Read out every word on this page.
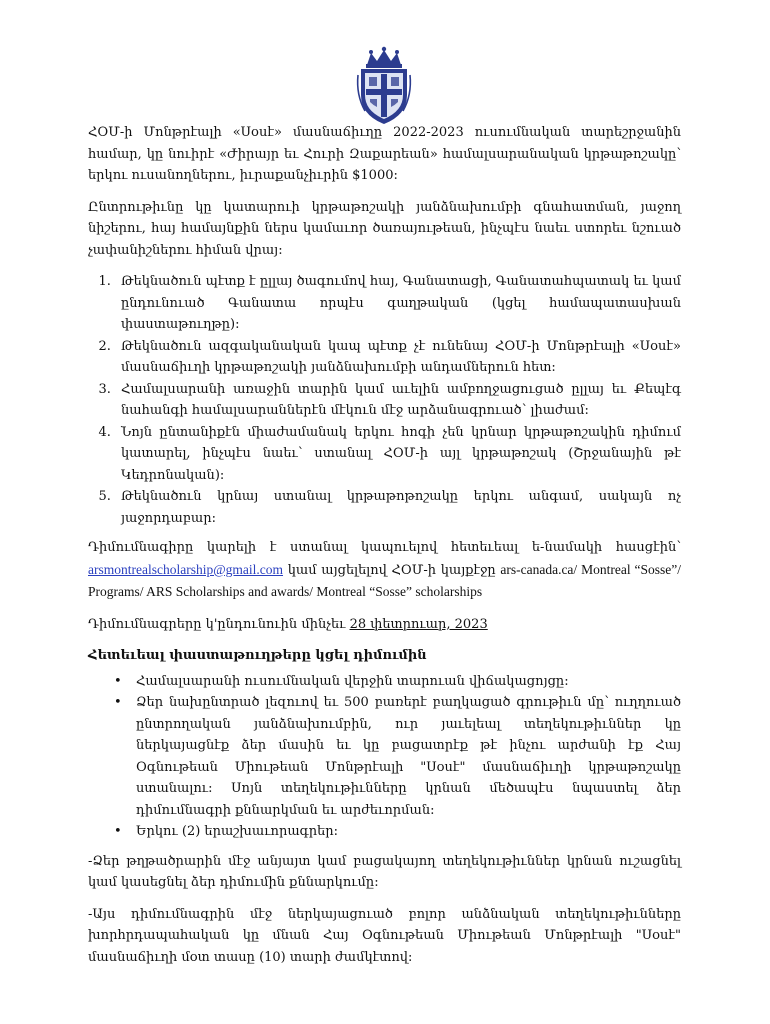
ՀՕՄ-ի Մոնթրէալի «Սօսէ» մասնաճիւղը 2022-2023 ուսումնական տարեշրջանին համար, կը նուիրէ «Ժիրայր եւ Հուրի Զաքարեան» համալսարանական կրթաթոշակը՝ երկու ուսանողներու, իւրաքանչիւրին $1000:

Ընտրութիւնը կը կատարուի կրթաթոշակի յանձնախումբի գնահատման, յաջող նիշերու, հայ համայնքին ներս կամաւոր ծառայութեան, ինչպէս նաեւ ստորեւ նշուած չափանիշներու հիման վրայ:

1. Թեկնածուն պէտք է ըլլայ ծագումով հայ, Գանատացի, Գանատահպատակ եւ կամ ընդունուած Գանատա որպէս գաղթական (կցել համապատասխան փաստաթուղթը):
2. Թեկնածուն ազգականական կապ պէտք չէ ունենայ ՀՕՄ-ի Մոնթրէալի «Սօսէ» մասնաճիւղի կրթաթոշակի յանձնախումբի անդամներուն հետ:
3. Համալսարանի առաջին տարին կամ աւելին ամբողջացուցած ըլլայ եւ Քեպէգ նահանգի համալսարաններէն մէկուն մէջ արձանագրուած՝ լիաժամ:
4. Նոյն ընտանիքէն միաժամանակ երկու հոգի չեն կրնար կրթաթոշակին դիմում կատարել, ինչպէս նաեւ՝ ստանալ ՀՕՄ-ի այլ կրթաթոշակ (Շրջանային թէ Կեդրոնական):
5. Թեկնածուն կրնայ ստանալ կրթաթոթոշակը երկու անգամ, սակայն ոչ յաջորդաբար:

Դիմումնագիրը կարելի է ստանալ կապուելով հետեւեալ ե-նամակի հասցէին՝ arsmontrealscholarship@gmail.com կամ այցելելով ՀՕՄ-ի կայքէջը ars-canada.ca/ Montreal “Sosse”/ Programs/ ARS Scholarships and awards/ Montreal “Sosse” scholarships

Դիմումնագրերը կ'ընդունուին մինչեւ 28 փետրուար, 2023

Հետեւեալ փաստաթուղթերը կցել դիմումին

• Համալսարանի ուսումնական վերջին տարուան վիճակացոյցը:
• Ձեր նախընտրած լեզուով եւ 500 բառերէ բաղկացած գրութիւն մը՝ ուղղուած ընտրողական յանձնախումբին, ուր յաւելեալ տեղեկութիւններ կը ներկայացնէք ձեր մասին եւ կը բացատրէք թէ ինչու արժանի էք Հայ Օգնութեան Միութեան Մոնթրէալի "Սօսէ" մասնաճիւղի կրթաթոշակը ստանալու: Սոյն տեղեկութիւնները կրնան մեծապէս նպաստել ձեր դիմումնագրի քննարկման եւ արժեւորման:
• Երկու (2) երաշխաւորագրեր:

-Ձեր թղթածրարին մէջ անյայտ կամ բացակայող տեղեկութիւններ կրնան ուշացնել կամ կասեցնել ձեր դիմումին քննարկումը:

-Այս դիմումնագրին մէջ ներկայացուած բոլոր անձնական տեղեկութիւնները խորհրդապահական կը մնան Հայ Օգնութեան Միութեան Մոնթրէալի "Սօսէ" մասնաճիւղի մօտ տասը (10) տարի ժամկէտով:
